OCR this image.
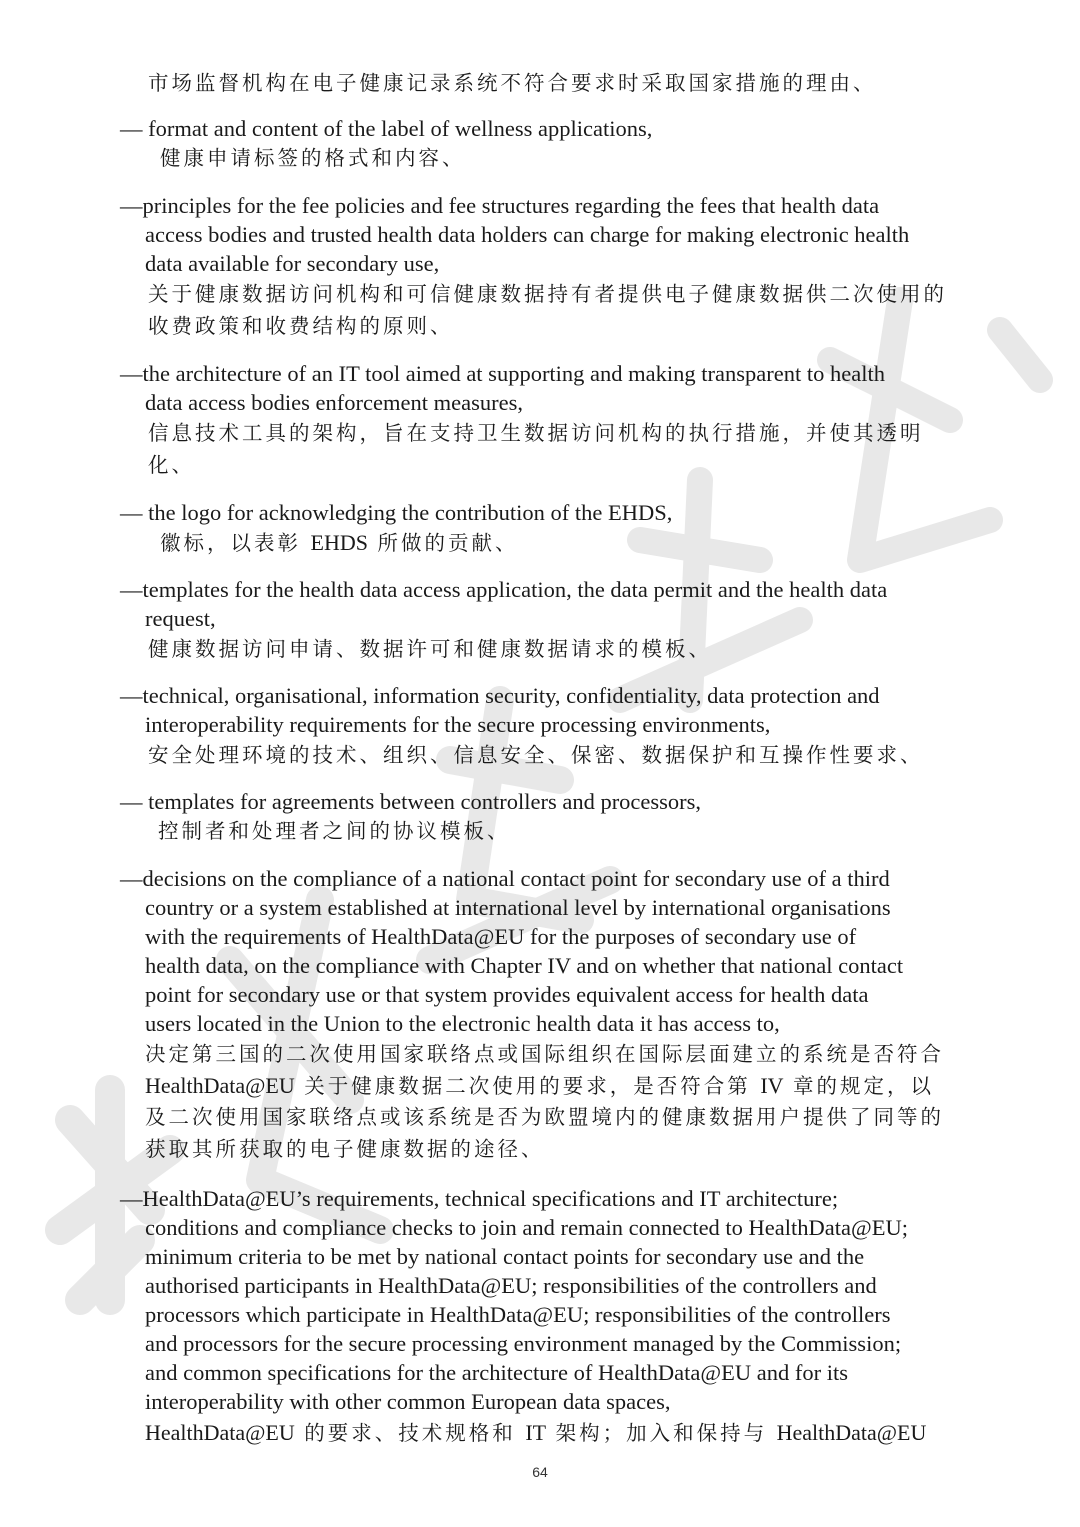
市场监督机构在电子健康记录系统不符合要求时采取国家措施的理由、
— format and content of the label of wellness applications,
健康申请标签的格式和内容、
—principles for the fee policies and fee structures regarding the fees that health data
access bodies and trusted health data holders can charge for making electronic health
data available for secondary use,
关于健康数据访问机构和可信健康数据持有者提供电子健康数据供二次使用的
收费政策和收费结构的原则、
—the architecture of an IT tool aimed at supporting and making transparent to health
data access bodies enforcement measures,
信息技术工具的架构，旨在支持卫生数据访问机构的执行措施，并使其透明
化、
— the logo for acknowledging the contribution of the EHDS,
徽标，以表彰 EHDS 所做的贡献、
—templates for the health data access application, the data permit and the health data
request,
健康数据访问申请、数据许可和健康数据请求的模板、
—technical, organisational, information security, confidentiality, data protection and
interoperability requirements for the secure processing environments,
安全处理环境的技术、组织、信息安全、保密、数据保护和互操作性要求、
— templates for agreements between controllers and processors,
控制者和处理者之间的协议模板、
—decisions on the compliance of a national contact point for secondary use of a third
country or a system established at international level by international organisations
with the requirements of HealthData@EU for the purposes of secondary use of
health data, on the compliance with Chapter IV and on whether that national contact
point for secondary use or that system provides equivalent access for health data
users located in the Union to the electronic health data it has access to,
决定第三国的二次使用国家联络点或国际组织在国际层面建立的系统是否符合
HealthData@EU 关于健康数据二次使用的要求，是否符合第 IV 章的规定，以
及二次使用国家联络点或该系统是否为欧盟境内的健康数据用户提供了同等的
获取其所获取的电子健康数据的途径、
—HealthData@EU’s requirements, technical specifications and IT architecture;
conditions and compliance checks to join and remain connected to HealthData@EU;
minimum criteria to be met by national contact points for secondary use and the
authorised participants in HealthData@EU; responsibilities of the controllers and
processors which participate in HealthData@EU; responsibilities of the controllers
and processors for the secure processing environment managed by the Commission;
and common specifications for the architecture of HealthData@EU and for its
interoperability with other common European data spaces,
HealthData@EU 的要求、技术规格和 IT 架构；加入和保持与 HealthData@EU
64
